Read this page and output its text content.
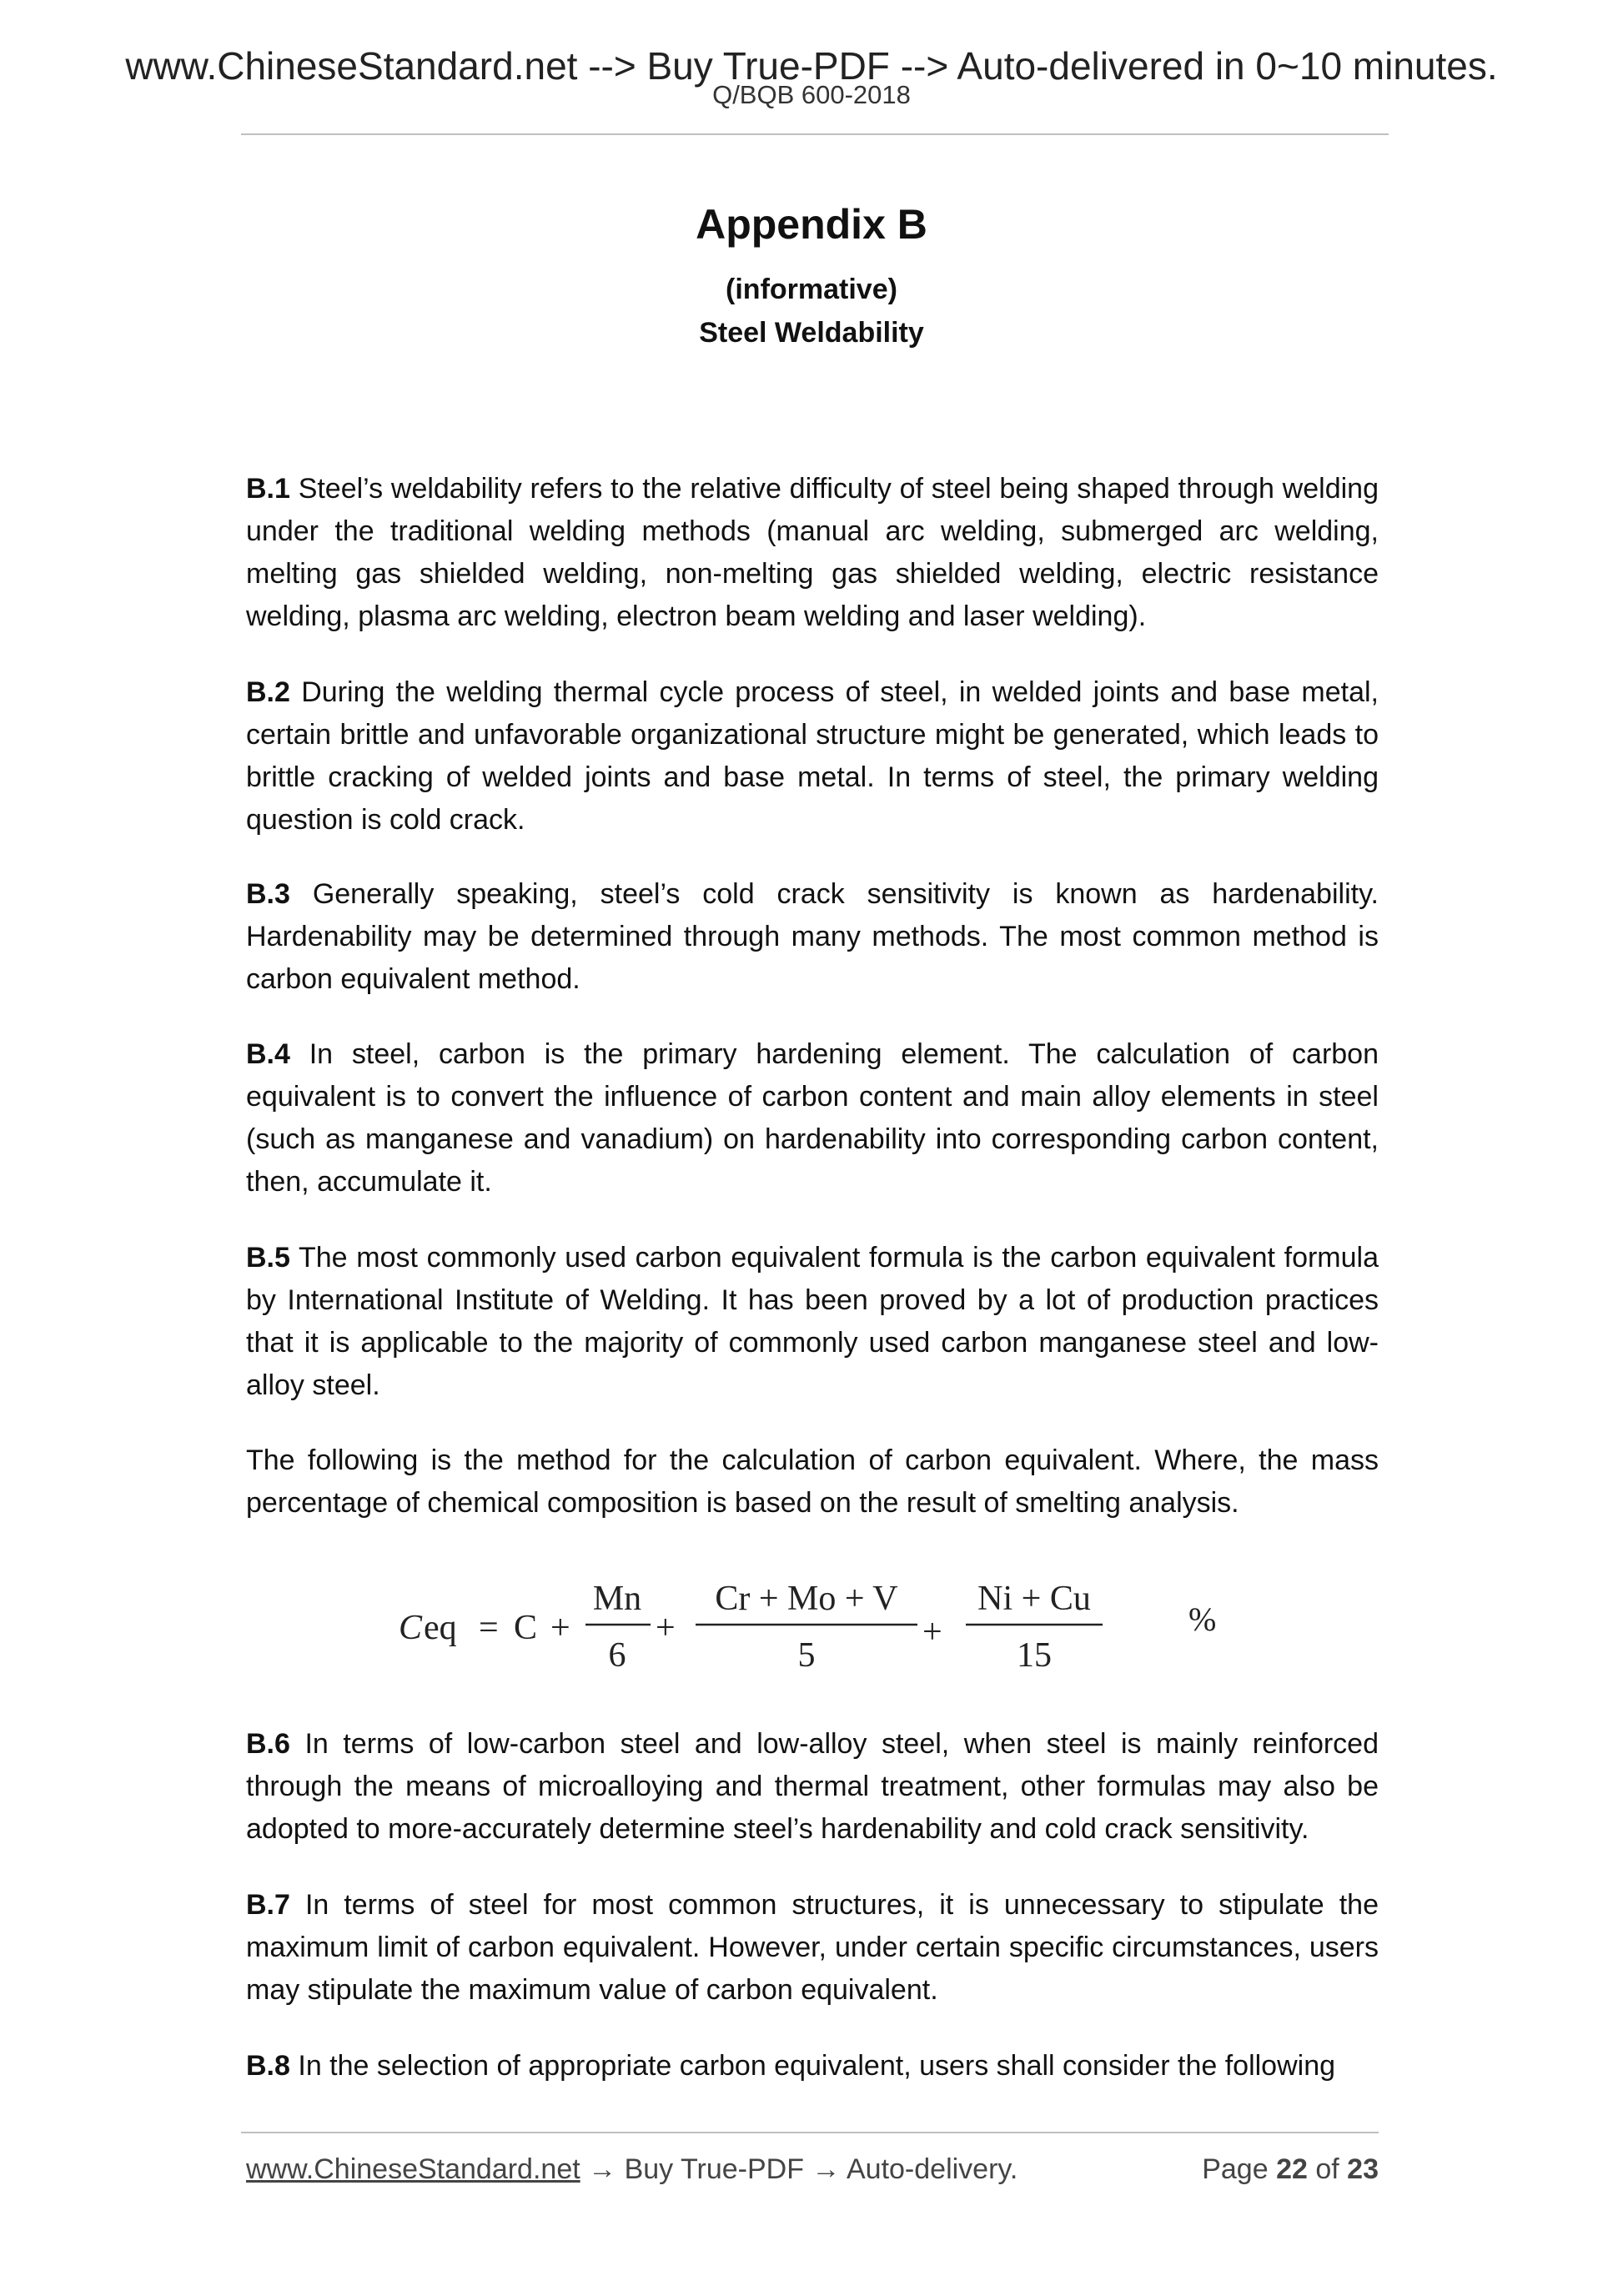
www.ChineseStandard.net --> Buy True-PDF --> Auto-delivered in 0~10 minutes.
Q/BQB 600-2018
Appendix B
(informative)
Steel Weldability
B.1 Steel’s weldability refers to the relative difficulty of steel being shaped through welding under the traditional welding methods (manual arc welding, submerged arc welding, melting gas shielded welding, non-melting gas shielded welding, electric resistance welding, plasma arc welding, electron beam welding and laser welding).
B.2 During the welding thermal cycle process of steel, in welded joints and base metal, certain brittle and unfavorable organizational structure might be generated, which leads to brittle cracking of welded joints and base metal. In terms of steel, the primary welding question is cold crack.
B.3 Generally speaking, steel’s cold crack sensitivity is known as hardenability. Hardenability may be determined through many methods. The most common method is carbon equivalent method.
B.4 In steel, carbon is the primary hardening element. The calculation of carbon equivalent is to convert the influence of carbon content and main alloy elements in steel (such as manganese and vanadium) on hardenability into corresponding carbon content, then, accumulate it.
B.5 The most commonly used carbon equivalent formula is the carbon equivalent formula by International Institute of Welding. It has been proved by a lot of production practices that it is applicable to the majority of commonly used carbon manganese steel and low-alloy steel.
The following is the method for the calculation of carbon equivalent. Where, the mass percentage of chemical composition is based on the result of smelting analysis.
C eq = C +
Mn
6
+
Cr + Mo + V
5
+
Ni + Cu
15
%
B.6 In terms of low-carbon steel and low-alloy steel, when steel is mainly reinforced through the means of microalloying and thermal treatment, other formulas may also be adopted to more-accurately determine steel’s hardenability and cold crack sensitivity.
B.7 In terms of steel for most common structures, it is unnecessary to stipulate the maximum limit of carbon equivalent. However, under certain specific circumstances, users may stipulate the maximum value of carbon equivalent.
B.8 In the selection of appropriate carbon equivalent, users shall consider the following
www.ChineseStandard.net → Buy True-PDF → Auto-delivery.	Page 22 of 23
